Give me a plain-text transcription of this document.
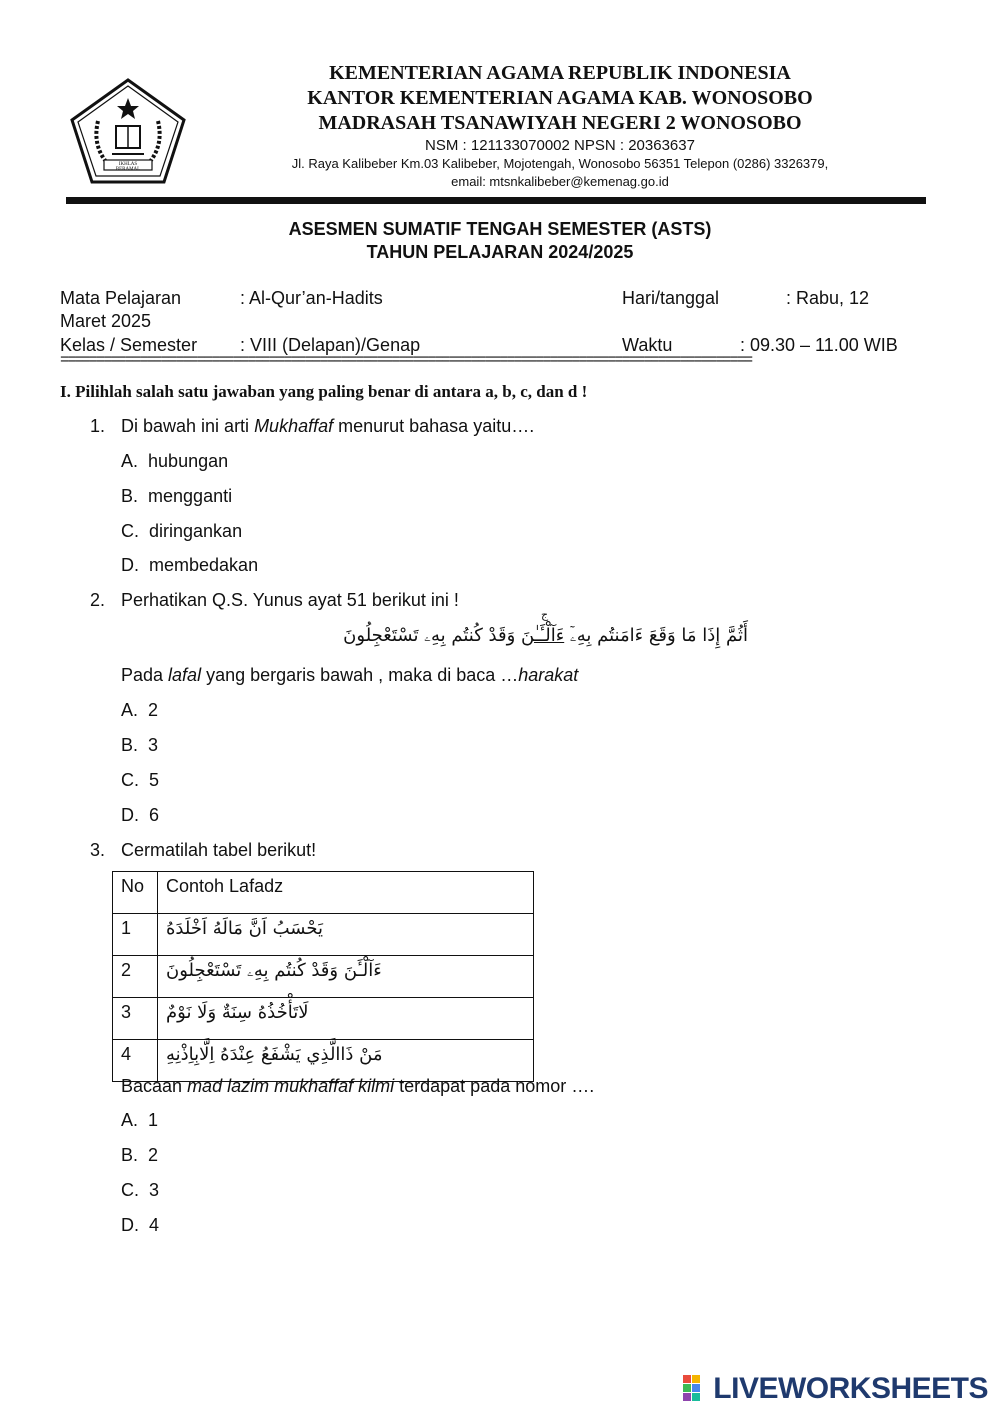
IKHLAS BERAMAL
KEMENTERIAN AGAMA REPUBLIK INDONESIA
KANTOR KEMENTERIAN AGAMA KAB. WONOSOBO
MADRASAH TSANAWIYAH NEGERI 2 WONOSOBO
NSM : 121133070002 NPSN : 20363637
Jl. Raya Kalibeber Km.03 Kalibeber, Mojotengah, Wonosobo 56351 Telepon (0286) 3326379,
email: mtsnkalibeber@kemenag.go.id
ASESMEN SUMATIF TENGAH SEMESTER (ASTS)
TAHUN PELAJARAN 2024/2025
Mata Pelajaran	: Al-Qur’an-Hadits	Hari/tanggal	: Rabu, 12
Maret 2025
Kelas / Semester : VIII (Delapan)/Genap	Waktu	: 09.30 – 11.00 WIB
================================================================================================
I. Pilihlah salah satu jawaban yang paling benar di antara a, b, c, dan d !
1. Di bawah ini arti Mukhaffaf menurut bahasa yaitu….
A. hubungan
B. mengganti
C. diringankan
D. membedakan
2. Perhatikan Q.S. Yunus ayat 51 berikut ini !
ج
أَثُمَّ إِذَا مَا وَقَعَ ءَامَنتُم بِهِۦٓ ءَآلْـَٔـٰنَ وَقَدْ كُنتُم بِهِۦ تَسْتَعْجِلُونَ
Pada lafal yang bergaris bawah , maka di baca …harakat
A. 2
B. 3
C. 5
D. 6
3. Cermatilah tabel berikut!
No	Contoh Lafadz
1	يَحْسَبُ اَنَّ مَالَهُ اَخْلَدَهُ
2	ءَآلْـَٔنَ وَقَدْ كُنتُم بِهِۦ تَسْتَعْجِلُونَ
3	لَاتَأْخُذُهُ سِنَةٌ وَلَا نَوْمٌ
4	مَنْ ذَاالَّذِي يَشْفَعُ عِنْدَهُ اِلَّابِاِذْنِهِ
Bacaan mad lazim mukhaffaf kilmi terdapat pada nomor ….
A. 1
B. 2
C. 3
D. 4
LIVEWORKSHEETS
